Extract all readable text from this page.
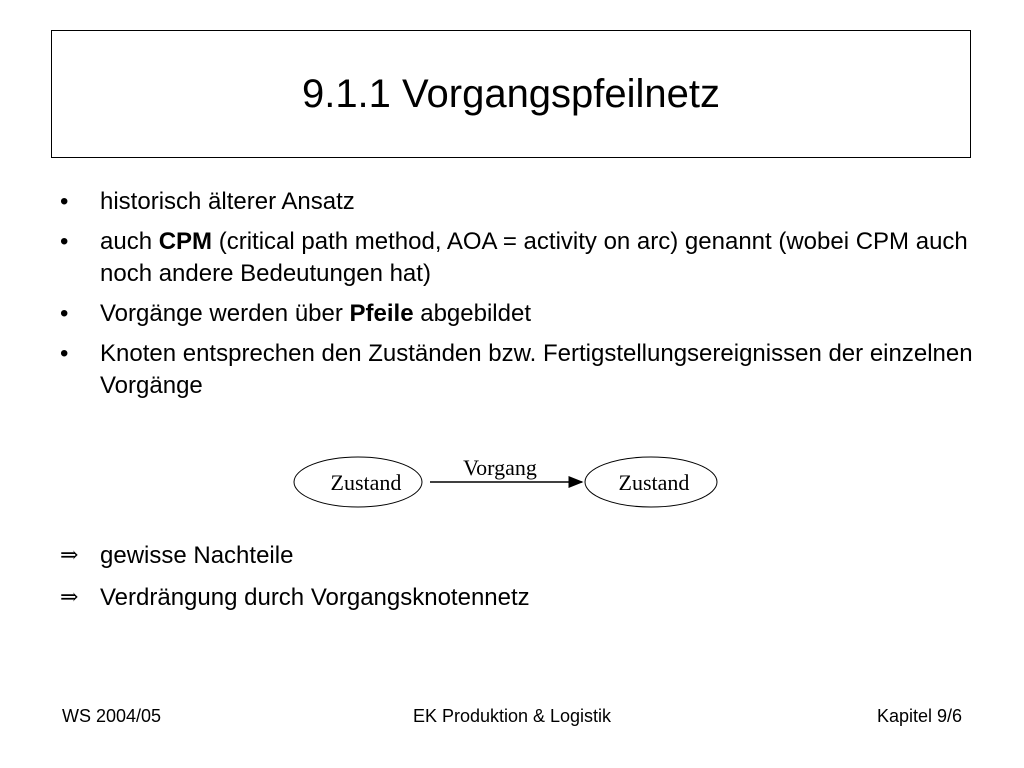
9.1.1 Vorgangspfeilnetz
• historisch älterer Ansatz
• auch CPM (critical path method, AOA = activity on arc) genannt (wobei CPM auch noch andere Bedeutungen hat)
• Vorgänge werden über Pfeile abgebildet
• Knoten entsprechen den Zuständen bzw. Fertigstellungsereignissen der einzelnen Vorgänge
Zustand
Vorgang
Zustand
⇒ gewisse Nachteile
⇒ Verdrängung durch Vorgangsknotennetz
WS 2004/05	EK Produktion & Logistik	Kapitel 9/6
